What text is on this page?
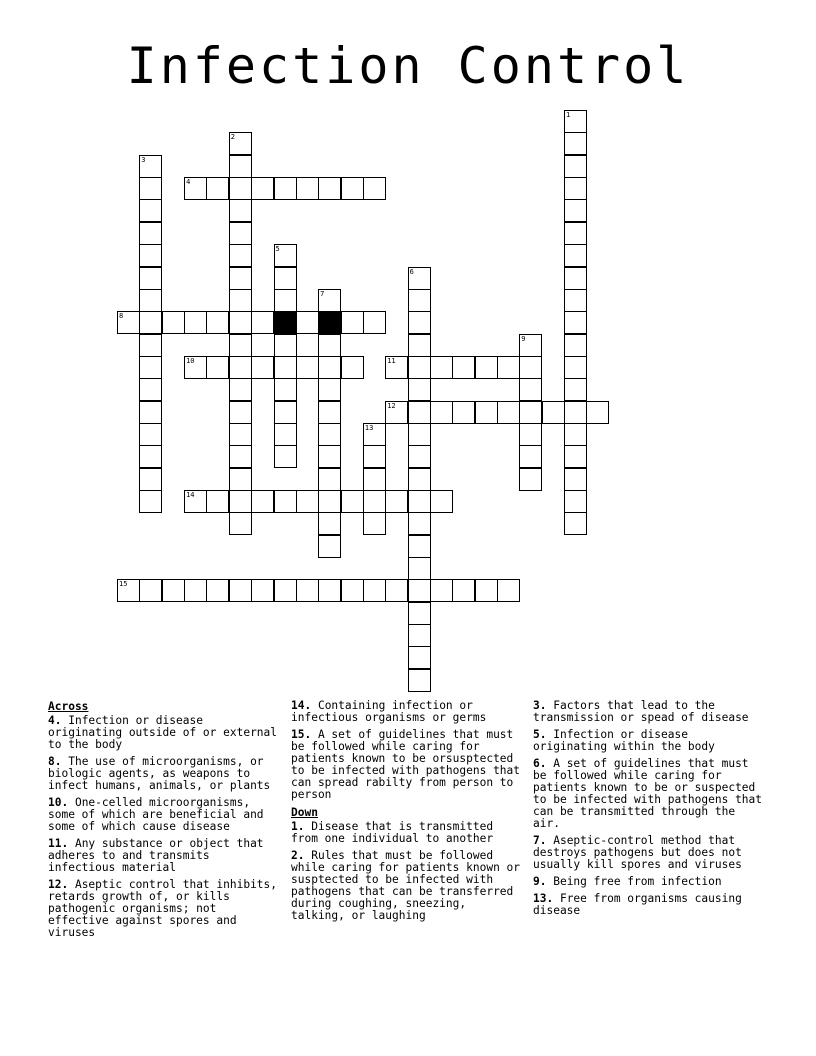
Infection Control
1
2
3
4
5
6
7
8
9
10	11
12
13
14
15
Across
4. Infection or disease originating outside of or external to the body
8. The use of microorganisms, or biologic agents, as weapons to infect humans, animals, or plants
10. One-celled microorganisms, some of which are beneficial and some of which cause disease
11. Any substance or object that adheres to and transmits infectious material
12. Aseptic control that inhibits, retards growth of, or kills pathogenic organisms; not effective against spores and viruses
14. Containing infection or infectious organisms or germs
15. A set of guidelines that must be followed while caring for patients known to be orsusptected to be infected with pathogens that can spread rabilty from person to person
Down
1. Disease that is transmitted from one individual to another
2. Rules that must be followed while caring for patients known or susptected to be infected with pathogens that can be transferred during coughing, sneezing, talking, or laughing
3. Factors that lead to the transmission or spead of disease
5. Infection or disease originating within the body
6. A set of guidelines that must be followed while caring for patients known to be or suspected to be infected with pathogens that can be transmitted through the air.
7. Aseptic-control method that destroys pathogens but does not usually kill spores and viruses
9. Being free from infection
13. Free from organisms causing disease
